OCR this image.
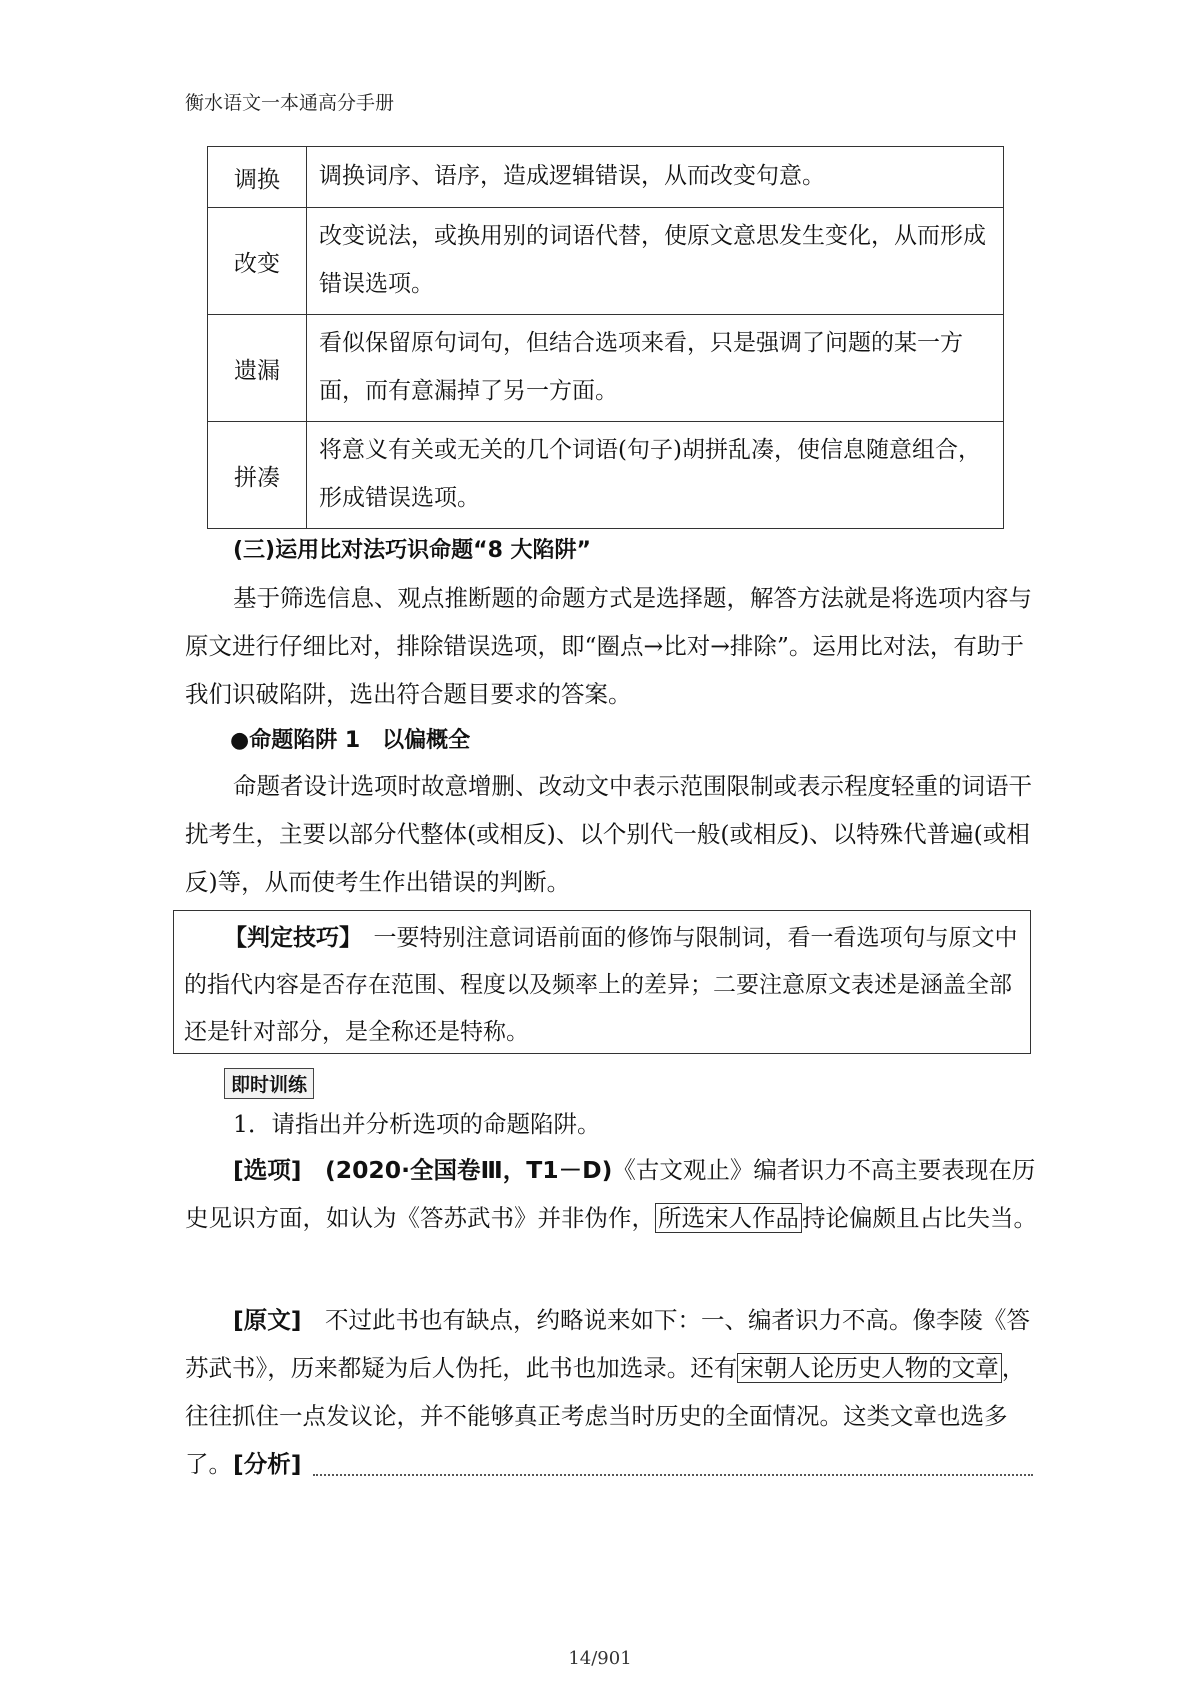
衡水语文一本通高分手册
调换	调换词序、语序，造成逻辑错误，从而改变句意。
改变	改变说法，或换用别的词语代替，使原文意思发生变化，从而形成错误选项。
遗漏	看似保留原句词句，但结合选项来看，只是强调了问题的某一方面，而有意漏掉了另一方面。
拼凑	将意义有关或无关的几个词语(句子)胡拼乱凑，使信息随意组合，形成错误选项。
(三)运用比对法巧识命题“8 大陷阱”
基于筛选信息、观点推断题的命题方式是选择题，解答方法就是将选项内容与原文进行仔细比对，排除错误选项，即“圈点→比对→排除”。运用比对法，有助于我们识破陷阱，选出符合题目要求的答案。
●命题陷阱 1　以偏概全
命题者设计选项时故意增删、改动文中表示范围限制或表示程度轻重的词语干扰考生，主要以部分代整体(或相反)、以个别代一般(或相反)、以特殊代普遍(或相反)等，从而使考生作出错误的判断。
【判定技巧】　 一要特别注意词语前面的修饰与限制词，看一看选项句与原文中的指代内容是否存在范围、程度以及频率上的差异；二要注意原文表述是涵盖全部还是针对部分，是全称还是特称。
即时训练
1．请指出并分析选项的命题陷阱。
[选项]　 (2020·全国卷Ⅲ，T1－D)《古文观止》编者识力不高主要表现在历史见识方面，如认为《答苏武书》并非伪作， 所选宋人作品 持论偏颇且占比失当。
[原文]　 不过此书也有缺点，约略说来如下：一、编者识力不高。像李陵《答苏武书》，历来都疑为后人伪托，此书也加选录。还有 宋朝人论历史人物的文章 ，往往抓住一点发议论，并不能够真正考虑当时历史的全面情况。这类文章也选多了。 [分析]
14/901
